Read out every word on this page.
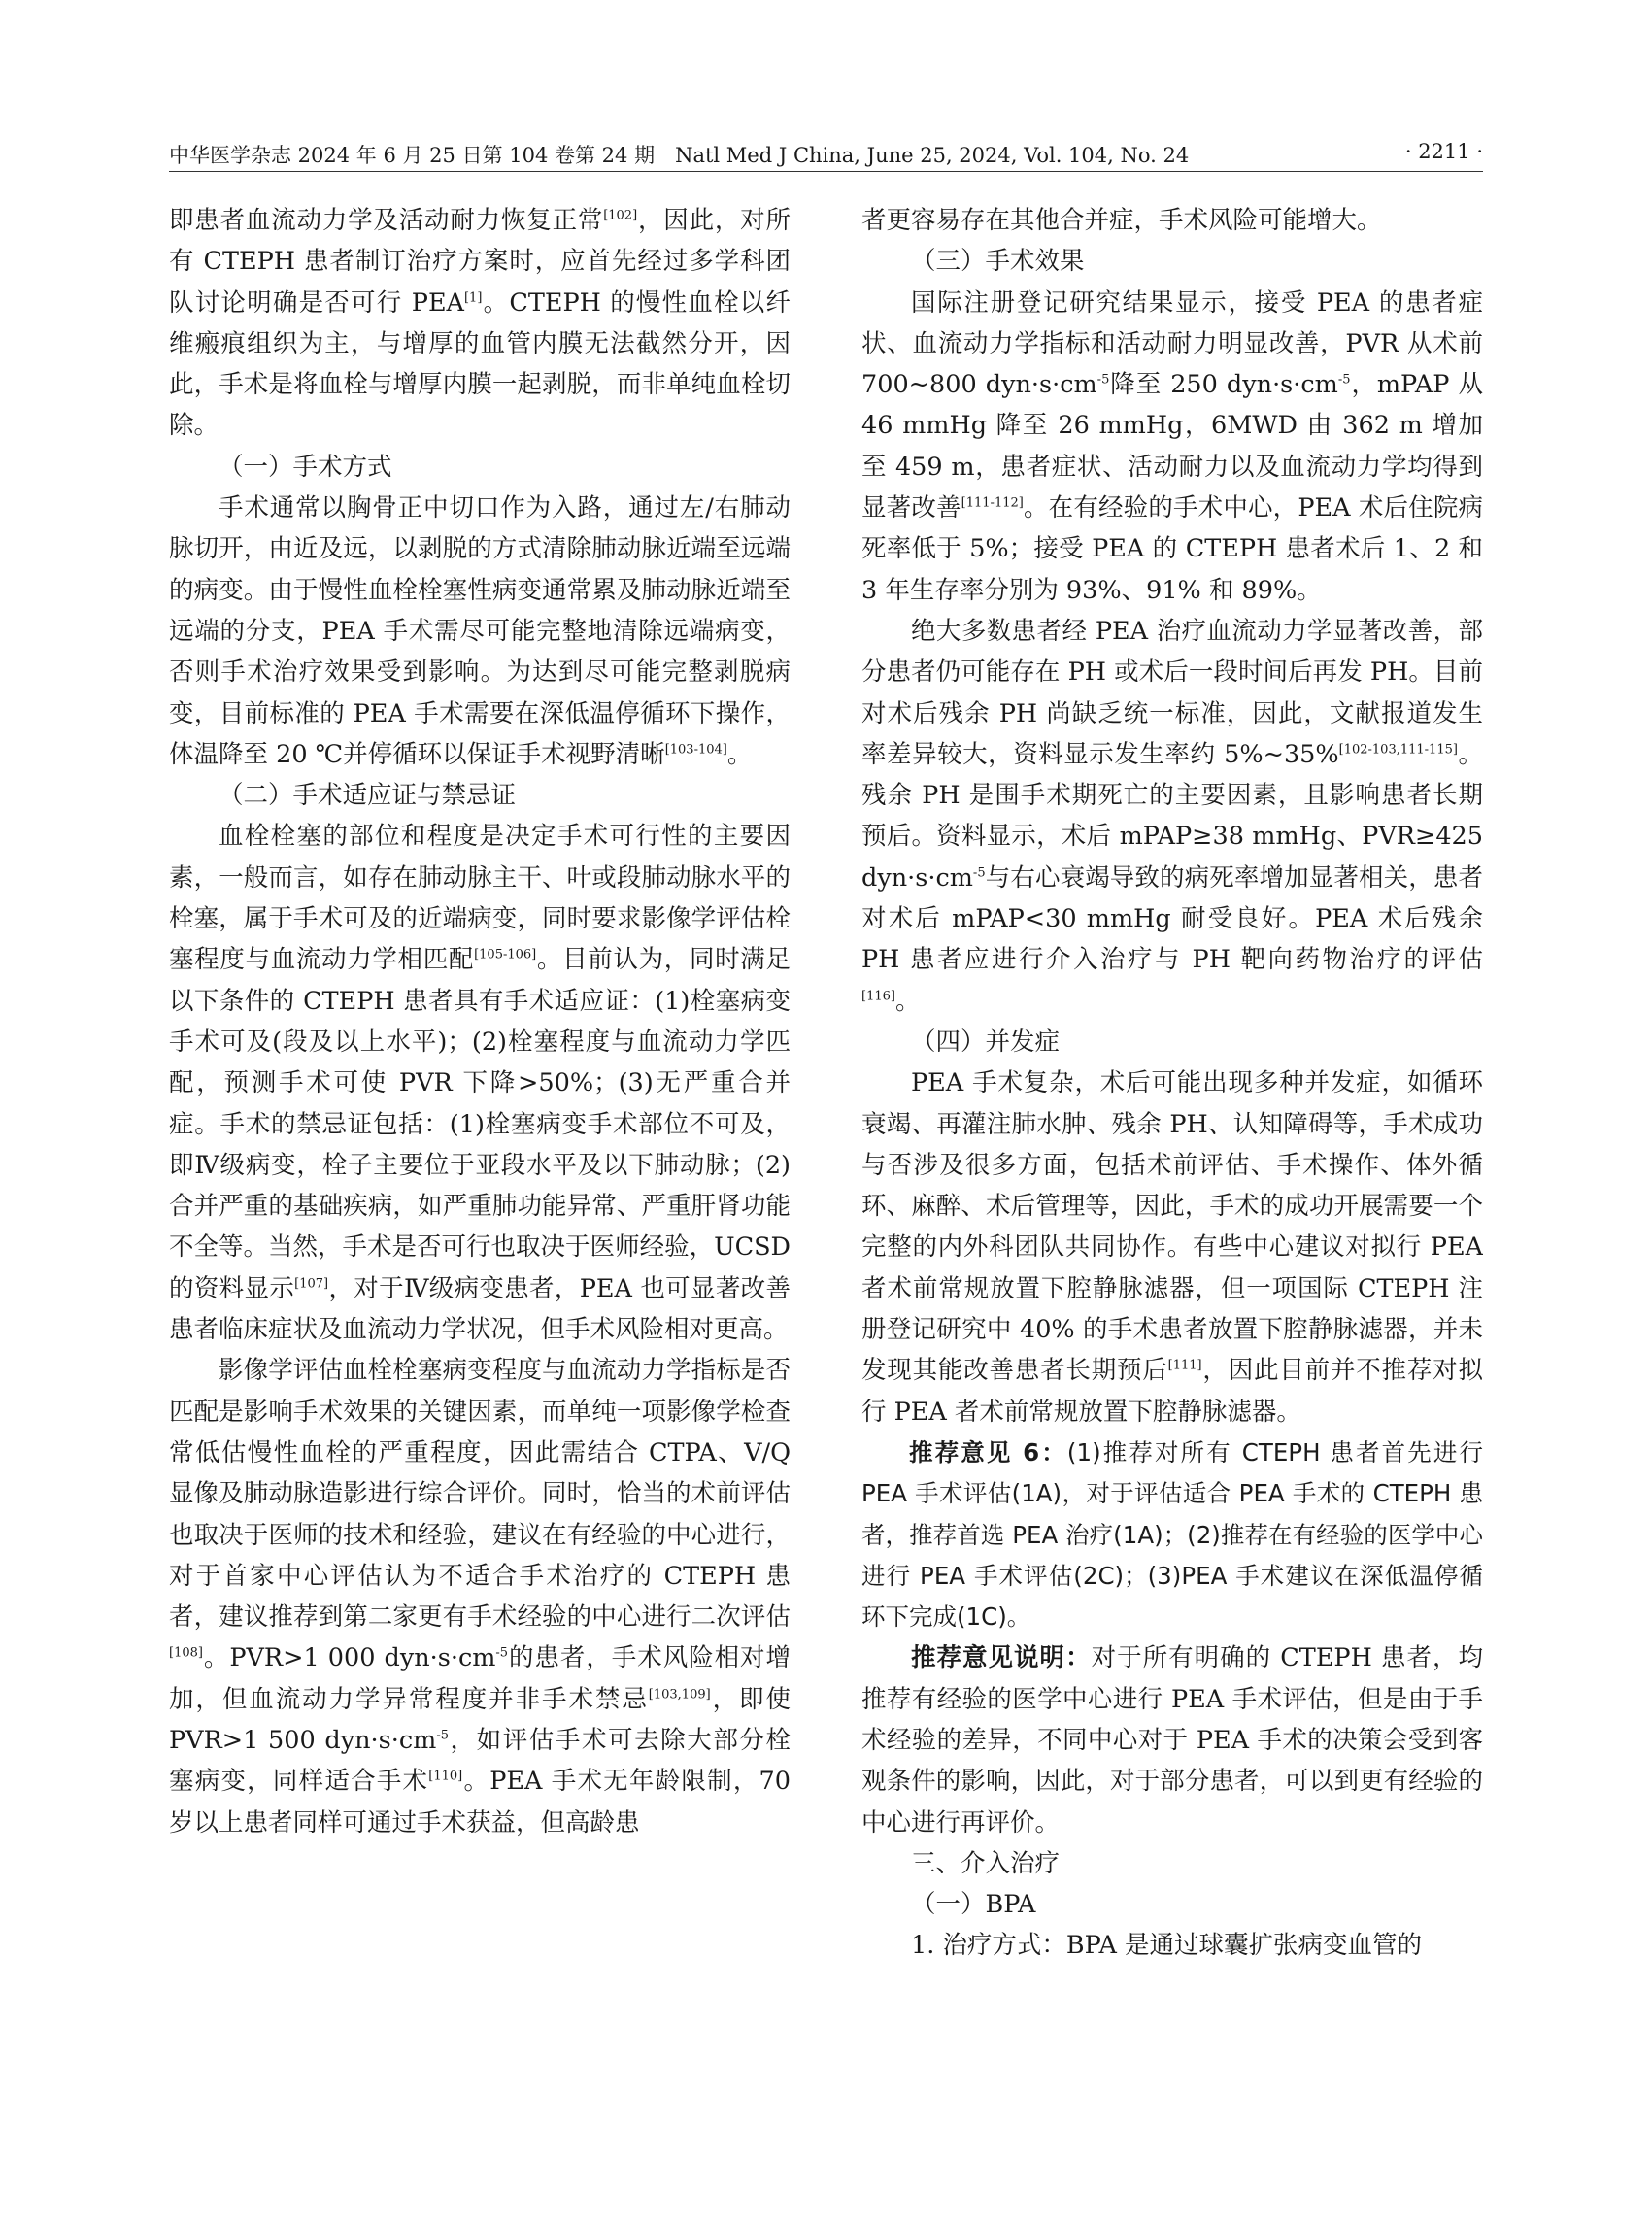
中华医学杂志 2024 年 6 月 25 日第 104 卷第 24 期　Natl Med J China, June 25, 2024, Vol. 104, No. 24	· 2211 ·

即患者血流动力学及活动耐力恢复正常[102]，因此，对所有 CTEPH 患者制订治疗方案时，应首先经过多学科团队讨论明确是否可行 PEA[1]。CTEPH 的慢性血栓以纤维瘢痕组织为主，与增厚的血管内膜无法截然分开，因此，手术是将血栓与增厚内膜一起剥脱，而非单纯血栓切除。

（一）手术方式

手术通常以胸骨正中切口作为入路，通过左/右肺动脉切开，由近及远，以剥脱的方式清除肺动脉近端至远端的病变。由于慢性血栓栓塞性病变通常累及肺动脉近端至远端的分支，PEA 手术需尽可能完整地清除远端病变，否则手术治疗效果受到影响。为达到尽可能完整剥脱病变，目前标准的 PEA 手术需要在深低温停循环下操作，体温降至 20 ℃并停循环以保证手术视野清晰[103-104]。

（二）手术适应证与禁忌证

血栓栓塞的部位和程度是决定手术可行性的主要因素，一般而言，如存在肺动脉主干、叶或段肺动脉水平的栓塞，属于手术可及的近端病变，同时要求影像学评估栓塞程度与血流动力学相匹配[105-106]。目前认为，同时满足以下条件的 CTEPH 患者具有手术适应证：(1)栓塞病变手术可及(段及以上水平)；(2)栓塞程度与血流动力学匹配，预测手术可使 PVR 下降>50%；(3)无严重合并症。手术的禁忌证包括：(1)栓塞病变手术部位不可及，即Ⅳ级病变，栓子主要位于亚段水平及以下肺动脉；(2)合并严重的基础疾病，如严重肺功能异常、严重肝肾功能不全等。当然，手术是否可行也取决于医师经验，UCSD 的资料显示[107]，对于Ⅳ级病变患者，PEA 也可显著改善患者临床症状及血流动力学状况，但手术风险相对更高。

影像学评估血栓栓塞病变程度与血流动力学指标是否匹配是影响手术效果的关键因素，而单纯一项影像学检查常低估慢性血栓的严重程度，因此需结合 CTPA、V/Q 显像及肺动脉造影进行综合评价。同时，恰当的术前评估也取决于医师的技术和经验，建议在有经验的中心进行，对于首家中心评估认为不适合手术治疗的 CTEPH 患者，建议推荐到第二家更有手术经验的中心进行二次评估[108]。PVR>1 000 $dyn\cdot s\cdot cm^{-5}$的患者，手术风险相对增加，但血流动力学异常程度并非手术禁忌[103,109]，即使 PVR>1 500 $dyn\cdot s\cdot cm^{-5}$，如评估手术可去除大部分栓塞病变，同样适合手术[110]。PEA 手术无年龄限制，70 岁以上患者同样可通过手术获益，但高龄患

者更容易存在其他合并症，手术风险可能增大。

（三）手术效果

国际注册登记研究结果显示，接受 PEA 的患者症状、血流动力学指标和活动耐力明显改善，PVR 从术前 700~800 $dyn\cdot s\cdot cm^{-5}$降至 250 $dyn\cdot s\cdot cm^{-5}$，mPAP 从 46 mmHg 降至 26 mmHg，6MWD 由 362 m 增加至 459 m，患者症状、活动耐力以及血流动力学均得到显著改善[111-112]。在有经验的手术中心，PEA 术后住院病死率低于 5%；接受 PEA 的 CTEPH 患者术后 1、2 和 3 年生存率分别为 93%、91% 和 89%。

绝大多数患者经 PEA 治疗血流动力学显著改善，部分患者仍可能存在 PH 或术后一段时间后再发 PH。目前对术后残余 PH 尚缺乏统一标准，因此，文献报道发生率差异较大，资料显示发生率约 5%~35%[102-103,111-115]。残余 PH 是围手术期死亡的主要因素，且影响患者长期预后。资料显示，术后 mPAP≥38 mmHg、PVR≥425 $dyn\cdot s\cdot cm^{-5}$与右心衰竭导致的病死率增加显著相关，患者对术后 mPAP<30 mmHg 耐受良好。PEA 术后残余 PH 患者应进行介入治疗与 PH 靶向药物治疗的评估[116]。

（四）并发症

PEA 手术复杂，术后可能出现多种并发症，如循环衰竭、再灌注肺水肿、残余 PH、认知障碍等，手术成功与否涉及很多方面，包括术前评估、手术操作、体外循环、麻醉、术后管理等，因此，手术的成功开展需要一个完整的内外科团队共同协作。有些中心建议对拟行 PEA 者术前常规放置下腔静脉滤器，但一项国际 CTEPH 注册登记研究中 40% 的手术患者放置下腔静脉滤器，并未发现其能改善患者长期预后[111]，因此目前并不推荐对拟行 PEA 者术前常规放置下腔静脉滤器。

推荐意见 6：(1)推荐对所有 CTEPH 患者首先进行 PEA 手术评估(1A)，对于评估适合 PEA 手术的 CTEPH 患者，推荐首选 PEA 治疗(1A)；(2)推荐在有经验的医学中心进行 PEA 手术评估(2C)；(3)PEA 手术建议在深低温停循环下完成(1C)。

推荐意见说明：对于所有明确的 CTEPH 患者，均推荐有经验的医学中心进行 PEA 手术评估，但是由于手术经验的差异，不同中心对于 PEA 手术的决策会受到客观条件的影响，因此，对于部分患者，可以到更有经验的中心进行再评价。

三、介入治疗

（一）BPA

1. 治疗方式：BPA 是通过球囊扩张病变血管的
